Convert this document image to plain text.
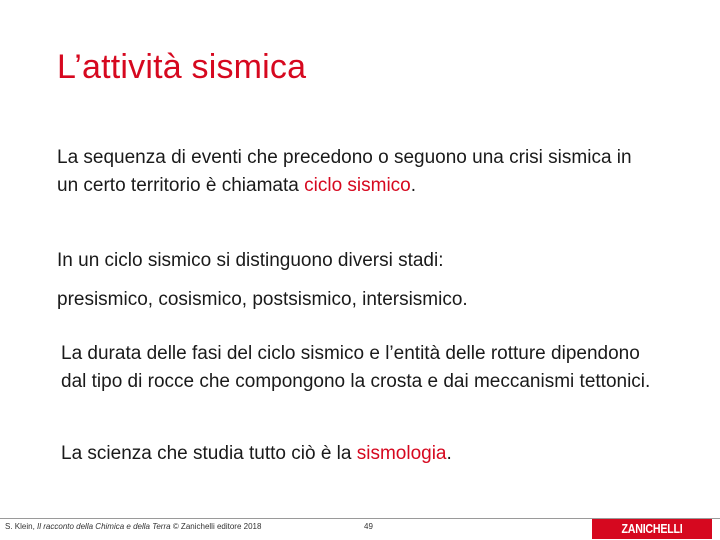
L’attività sismica
La sequenza di eventi che precedono o seguono una crisi sismica in un certo territorio è chiamata ciclo sismico.
In un ciclo sismico si distinguono diversi stadi:
presismico, cosismico, postsismico, intersismico.
La durata delle fasi del ciclo sismico e l’entità delle rotture dipendono dal tipo di rocce che compongono la crosta e dai meccanismi tettonici.
La scienza che studia tutto ciò è la sismologia.
S. Klein, Il racconto della Chimica e della Terra © Zanichelli editore 2018	49	ZANICHELLI
